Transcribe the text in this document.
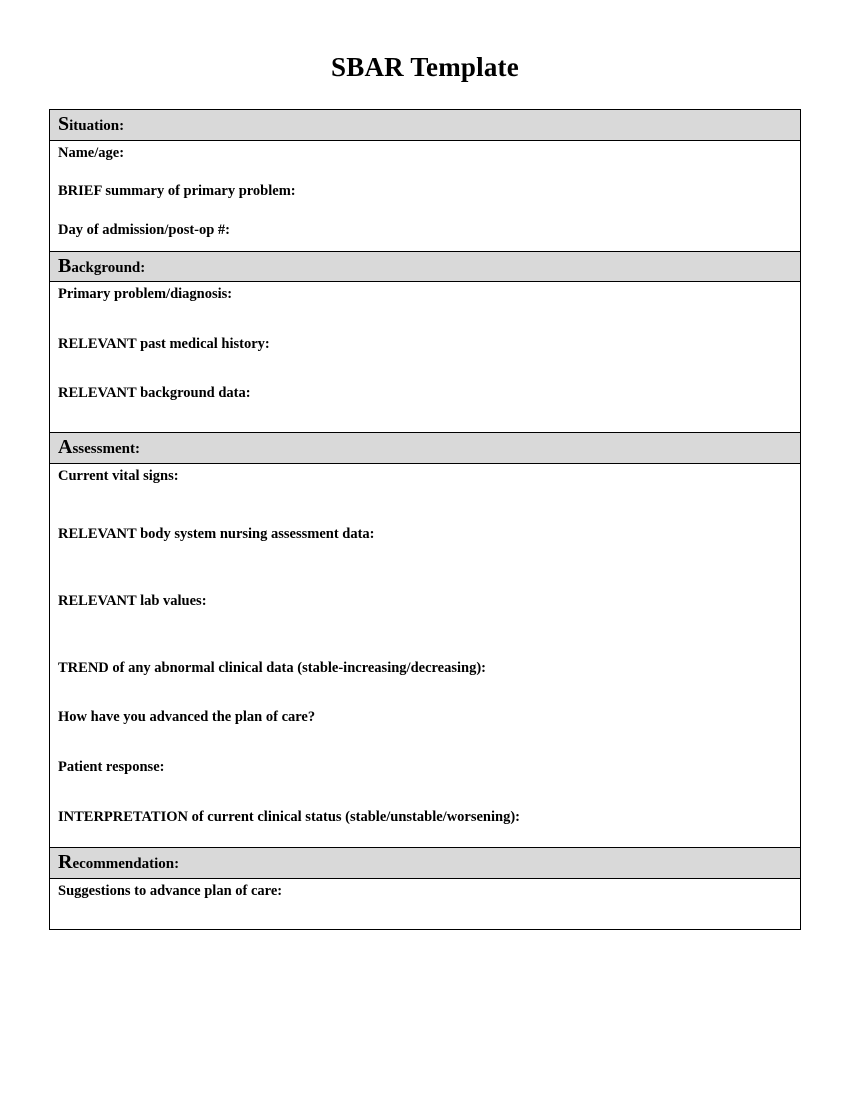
SBAR Template
Situation:
Name/age:
BRIEF summary of primary problem:
Day of admission/post-op #:
Background:
Primary problem/diagnosis:
RELEVANT past medical history:
RELEVANT background data:
Assessment:
Current vital signs:
RELEVANT body system nursing assessment data:
RELEVANT lab values:
TREND of any abnormal clinical data (stable-increasing/decreasing):
How have you advanced the plan of care?
Patient response:
INTERPRETATION of current clinical status (stable/unstable/worsening):
Recommendation:
Suggestions to advance plan of care:
